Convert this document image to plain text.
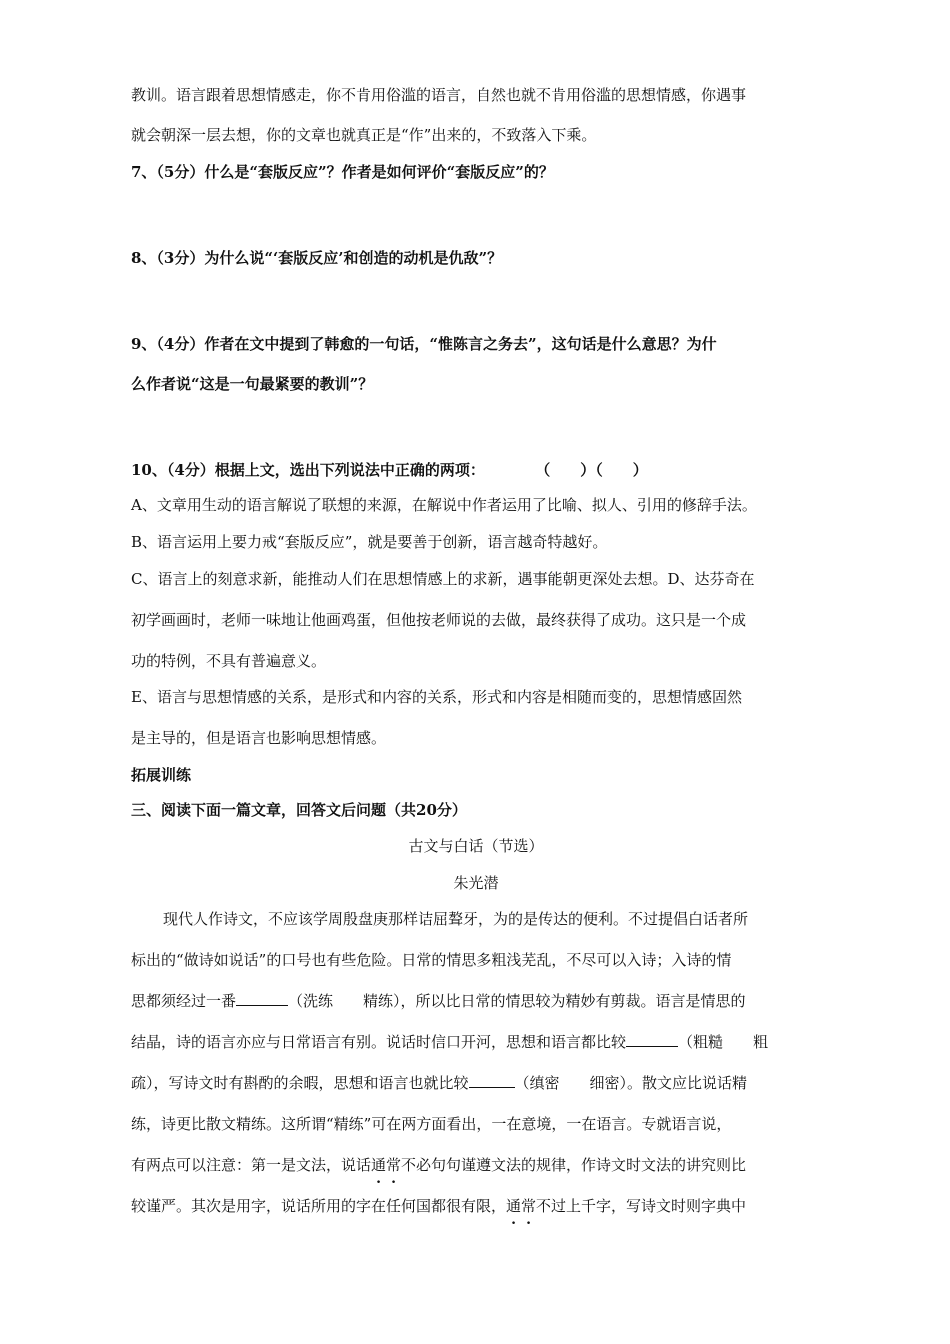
教训。语言跟着思想情感走，你不肯用俗滥的语言，自然也就不肯用俗滥的思想情感，你遇事
就会朝深一层去想，你的文章也就真正是“作”出来的，不致落入下乘。
7、（5分）什么是“套版反应”？作者是如何评价“套版反应”的？
8、（3分）为什么说“‘套版反应’和创造的动机是仇敌”？
9、（4分）作者在文中提到了韩愈的一句话，“惟陈言之务去”，这句话是什么意思？为什
么作者说“这是一句最紧要的教训”？
10、（4分）根据上文，选出下列说法中正确的两项：	（　　）（　　）
A、文章用生动的语言解说了联想的来源，在解说中作者运用了比喻、拟人、引用的修辞手法。
B、语言运用上要力戒“套版反应”，就是要善于创新，语言越奇特越好。
C、语言上的刻意求新，能推动人们在思想情感上的求新，遇事能朝更深处去想。D、达芬奇在
初学画画时，老师一味地让他画鸡蛋，但他按老师说的去做，最终获得了成功。这只是一个成
功的特例，不具有普遍意义。
E、语言与思想情感的关系，是形式和内容的关系，形式和内容是相随而变的，思想情感固然
是主导的，但是语言也影响思想情感。
拓展训练
三、阅读下面一篇文章，回答文后问题（共20分）
古文与白话（节选）
朱光潜
现代人作诗文，不应该学周殷盘庚那样诘屈聱牙，为的是传达的便利。不过提倡白话者所
标出的“做诗如说话”的口号也有些危险。日常的情思多粗浅芜乱，不尽可以入诗；入诗的情
思都须经过一番	（洗练　　精练），所以比日常的情思较为精妙有剪裁。语言是情思的
结晶，诗的语言亦应与日常语言有别。说话时信口开河，思想和语言都比较	（粗糙　　粗
疏），写诗文时有斟酌的余暇，思想和语言也就比较	（缜密　　细密）。散文应比说话精
练，诗更比散文精练。这所谓“精练”可在两方面看出，一在意境，一在语言。专就语言说，
有两点可以注意：第一是文法，说话通常不必句句谨遵文法的规律，作诗文时文法的讲究则比
较谨严。其次是用字，说话所用的字在任何国都很有限，通常不过上千字，写诗文时则字典中
